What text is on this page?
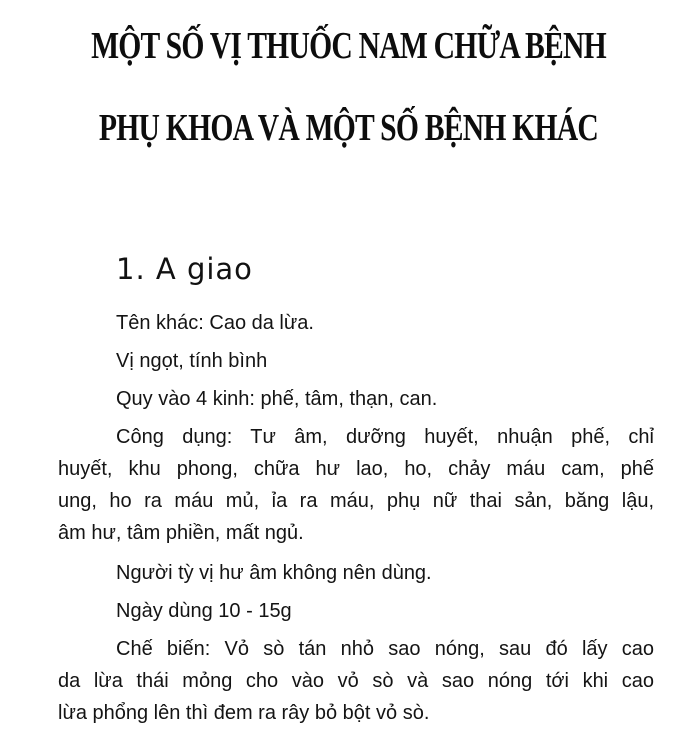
MỘT SỐ VỊ THUỐC NAM CHỮA BỆNH
PHỤ KHOA VÀ MỘT SỐ BỆNH KHÁC
1. A giao
Tên khác: Cao da lừa.
Vị ngọt, tính bình
Quy vào 4 kinh: phế, tâm, thạn, can.
Công dụng: Tư âm, dưỡng huyết, nhuận phế, chỉ
huyết, khu phong, chữa hư lao, ho, chảy máu cam, phế
ung, ho ra máu mủ, ỉa ra máu, phụ nữ thai sản, băng lậu,
âm hư, tâm phiền, mất ngủ.
Người tỳ vị hư âm không nên dùng.
Ngày dùng 10 - 15g
Chế biến: Vỏ sò tán nhỏ sao nóng, sau đó lấy cao
da lừa thái mỏng cho vào vỏ sò và sao nóng tới khi cao
lừa phổng lên thì đem ra rây bỏ bột vỏ sò.
